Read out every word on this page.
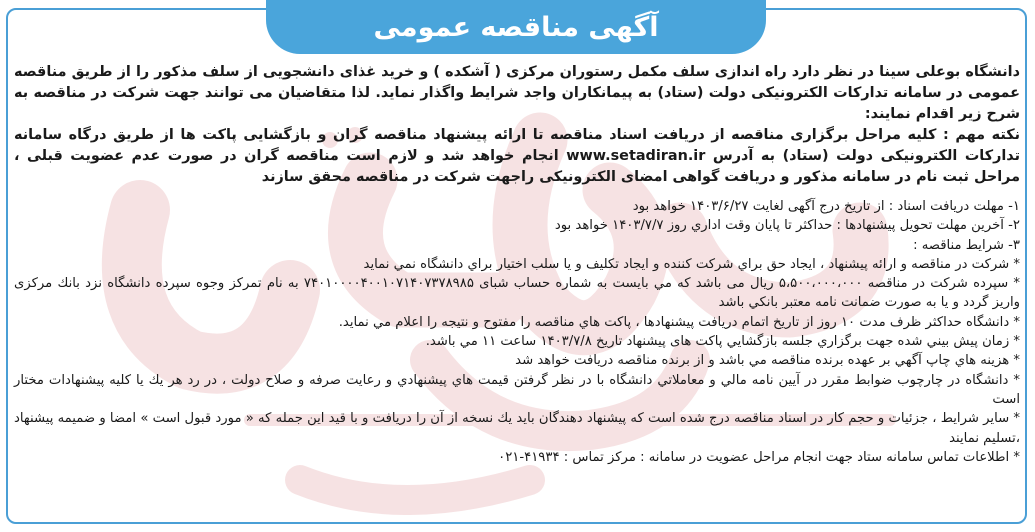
آگهی مناقصه عمومی

دانشگاه بوعلی سینا در نظر دارد راه اندازی سلف مکمل رستوران مرکزی ( آشکده ) و خرید غذای دانشجویی از سلف مذکور را از طریق مناقصه عمومی در سامانه تدارکات الکترونیکی دولت (ستاد) به پیمانکاران واجد شرایط واگذار نماید. لذا متقاضیان می توانند جهت شرکت در مناقصه به شرح زیر اقدام نمایند:
نکته مهم : کلیه مراحل برگزاری مناقصه از دریافت اسناد مناقصه تا ارائه پیشنهاد مناقصه گران و بازگشایی پاکت ها از طریق درگاه سامانه تدارکات الکترونیکی دولت (ستاد) به آدرس www.setadiran.ir انجام خواهد شد و لازم است مناقصه گران در صورت عدم عضویت قبلی ، مراحل ثبت نام در سامانه مذکور و دریافت گواهی امضای الکترونیکی راجهت شرکت در مناقصه محقق سازند

۱- مهلت دریافت اسناد : از تاریخ درج آگهی لغایت ۱۴۰۳/۶/۲۷ خواهد بود

۲- آخرین مهلت تحویل پیشنهادها : حداکثر تا پایان وقت اداري روز ۱۴۰۳/۷/۷ خواهد بود

۳- شرایط مناقصه :

* شرکت در مناقصه و ارائه پیشنهاد ، ایجاد حق براي شرکت کننده و ایجاد تکلیف و یا سلب اختیار براي دانشگاه نمي نماید

* سپرده شرکت در مناقصه ۵،۵۰۰،۰۰۰،۰۰۰ ریال می باشد که مي بایست به شماره حساب شبای ۷۴۰۱۰۰۰۰۴۰۰۱۰۷۱۴۰۷۳۷۸۹۸۵ به نام تمرکز وجوه سپرده دانشگاه نزد بانك مرکزی واریز گردد و یا به صورت ضمانت نامه معتبر بانکي باشد

* دانشگاه حداکثر ظرف مدت ۱۰ روز از تاریخ اتمام دریافت پیشنهادها ، پاکت هاي مناقصه را مفتوح و نتیجه را اعلام مي نماید.

* زمان پیش بیني شده جهت برگزاري جلسه بازگشایي پاکت های پیشنهاد تاریخ ۱۴۰۳/۷/۸ ساعت ۱۱ مي باشد.

* هزینه هاي چاپ آگهي بر عهده برنده مناقصه مي باشد و از برنده مناقصه دریافت خواهد شد

* دانشگاه در چارچوب ضوابط مقرر در آیین نامه مالي و معاملاتي دانشگاه با در نظر گرفتن قیمت هاي پیشنهادي و رعایت صرفه و صلاح دولت ، در رد هر یك یا کلیه پیشنهادات مختار است

* سایر شرایط ، جزئیات و حجم کار در اسناد مناقصه درج شده است که پیشنهاد دهندگان باید یك نسخه از آن را دریافت و با قید این جمله که « مورد قبول است » امضا و ضمیمه پیشنهاد ،تسلیم نمایند

* اطلاعات تماس سامانه ستاد جهت انجام مراحل عضویت در سامانه : مرکز تماس : ۴۱۹۳۴-۰۲۱
